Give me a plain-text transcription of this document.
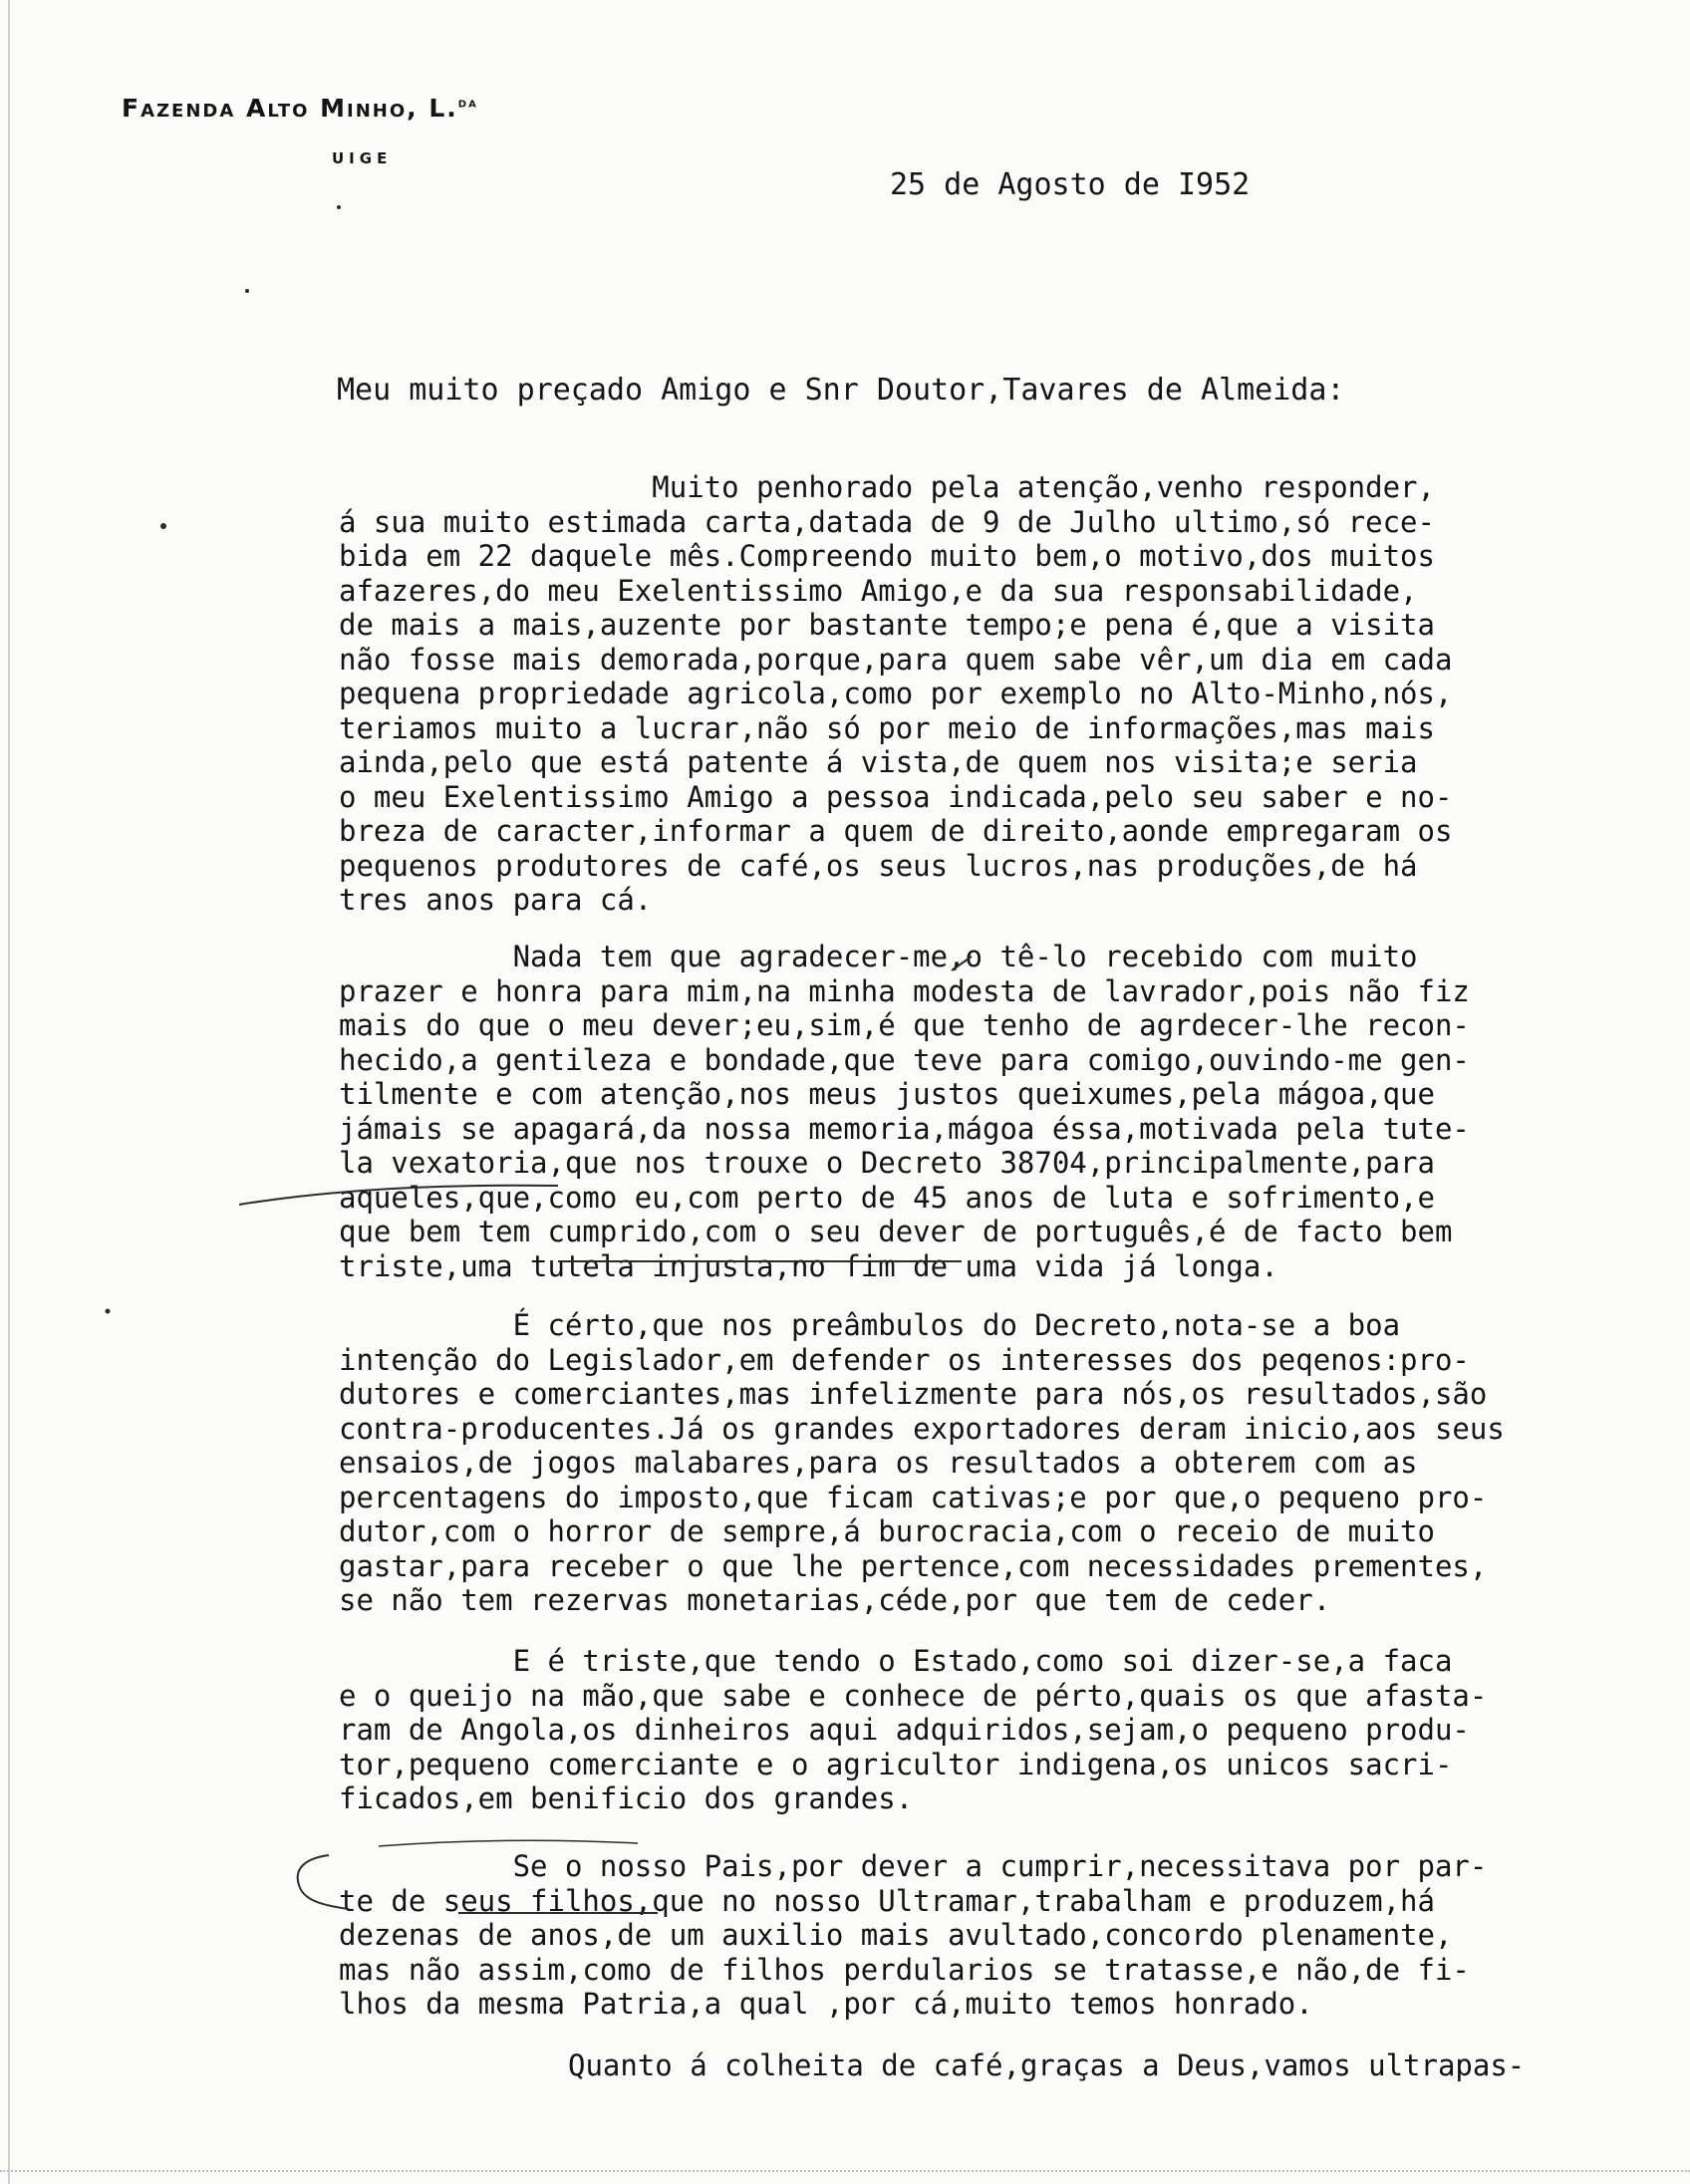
Fazenda Alto Minho, L.$^{da}$
UIGE
25 de Agosto de I952
Meu muito preçado Amigo e Snr Doutor,Tavares de Almeida:
Muito penhorado pela atenção,venho responder,
á sua muito estimada carta,datada de 9 de Julho ultimo,só rece-
bida em 22 daquele mês.Compreendo muito bem,o motivo,dos muitos
afazeres,do meu Exelentissimo Amigo,e da sua responsabilidade,
de mais a mais,auzente por bastante tempo;e pena é,que a visita
não fosse mais demorada,porque,para quem sabe vêr,um dia em cada
pequena propriedade agricola,como por exemplo no Alto-Minho,nós,
teriamos muito a lucrar,não só por meio de informações,mas mais
ainda,pelo que está patente á vista,de quem nos visita;e seria
o meu Exelentissimo Amigo a pessoa indicada,pelo seu saber e no-
breza de caracter,informar a quem de direito,aonde empregaram os
pequenos produtores de café,os seus lucros,nas produções,de há
tres anos para cá.
Nada tem que agradecer-me,o tê-lo recebido com muito
prazer e honra para mim,na minha modesta de lavrador,pois não fiz
mais do que o meu dever;eu,sim,é que tenho de agrdecer-lhe recon-
hecido,a gentileza e bondade,que teve para comigo,ouvindo-me gen-
tilmente e com atenção,nos meus justos queixumes,pela mágoa,que
jámais se apagará,da nossa memoria,mágoa éssa,motivada pela tute-
la vexatoria,que nos trouxe o Decreto 38704,principalmente,para
aqueles,que,como eu,com perto de 45 anos de luta e sofrimento,e
que bem tem cumprido,com o seu dever de português,é de facto bem
triste,uma tutela injusta,no fim de uma vida já longa.
É cérto,que nos preâmbulos do Decreto,nota-se a boa
intenção do Legislador,em defender os interesses dos peqenos:pro-
dutores e comerciantes,mas infelizmente para nós,os resultados,são
contra-producentes.Já os grandes exportadores deram inicio,aos seus
ensaios,de jogos malabares,para os resultados a obterem com as
percentagens do imposto,que ficam cativas;e por que,o pequeno pro-
dutor,com o horror de sempre,á burocracia,com o receio de muito
gastar,para receber o que lhe pertence,com necessidades prementes,
se não tem rezervas monetarias,céde,por que tem de ceder.
E é triste,que tendo o Estado,como soi dizer-se,a faca
e o queijo na mão,que sabe e conhece de pérto,quais os que afasta-
ram de Angola,os dinheiros aqui adquiridos,sejam,o pequeno produ-
tor,pequeno comerciante e o agricultor indigena,os unicos sacri-
ficados,em benificio dos grandes.
Se o nosso Pais,por dever a cumprir,necessitava por par-
te de seus filhos,que no nosso Ultramar,trabalham e produzem,há
dezenas de anos,de um auxilio mais avultado,concordo plenamente,
mas não assim,como de filhos perdularios se tratasse,e não,de fi-
lhos da mesma Patria,a qual ,por cá,muito temos honrado.
Quanto á colheita de café,graças a Deus,vamos ultrapas-
